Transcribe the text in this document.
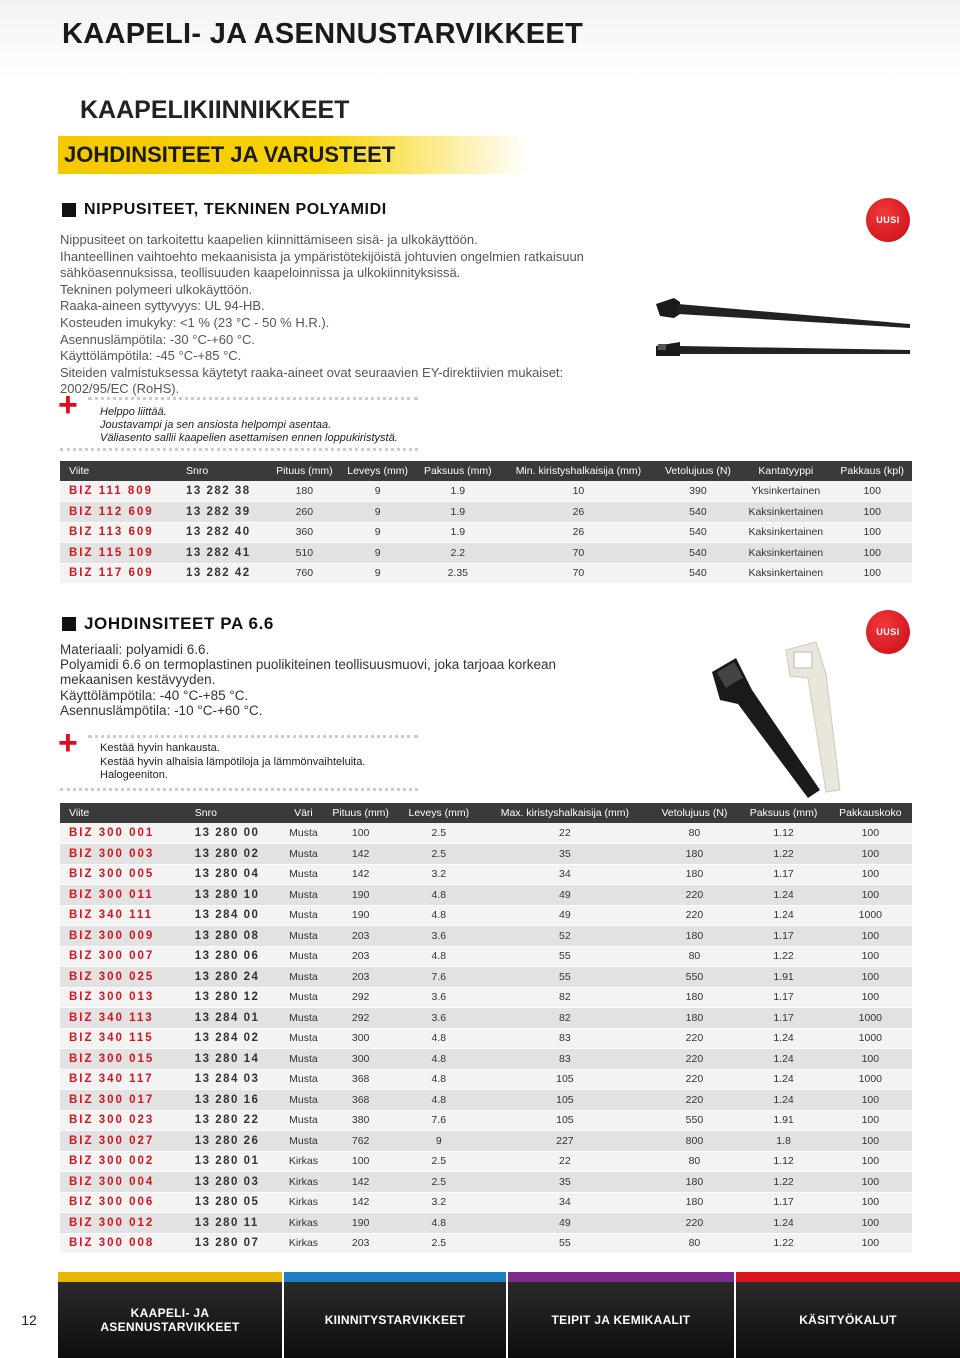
KAAPELI- JA ASENNUSTARVIKKEET
KAAPELIKIINNIKKEET
JOHDINSITEET JA VARUSTEET
NIPPUSITEET, TEKNINEN POLYAMIDI
UUSI
Nippusiteet on tarkoitettu kaapelien kiinnittämiseen sisä- ja ulkokäyttöön.
Ihanteellinen vaihtoehto mekaanisista ja ympäristötekijöistä johtuvien ongelmien ratkaisuun
sähköasennuksissa, teollisuuden kaapeloinnissa ja ulkokiinnityksissä.
Tekninen polymeeri ulkokäyttöön.
Raaka-aineen syttyvyys: UL 94-HB.
Kosteuden imukyky: <1 % (23 °C - 50 % H.R.).
Asennuslämpötila: -30 °C-+60 °C.
Käyttölämpötila: -45 °C-+85 °C.
Siteiden valmistuksessa käytetyt raaka-aineet ovat seuraavien EY-direktiivien mukaiset:
2002/95/EC (RoHS).
+ Helppo liittää.
Joustavampi ja sen ansiosta helpompi asentaa.
Väliasento sallii kaapelien asettamisen ennen loppukiristystä.
Viite	Snro	Pituus (mm)	Leveys (mm)	Paksuus (mm)	Min. kiristyshalkaisija (mm)	Vetolujuus (N)	Kantatyyppi	Pakkaus (kpl)
BIZ 111 809	13 282 38	180	9	1.9	10	390	Yksinkertainen	100
BIZ 112 609	13 282 39	260	9	1.9	26	540	Kaksinkertainen	100
BIZ 113 609	13 282 40	360	9	1.9	26	540	Kaksinkertainen	100
BIZ 115 109	13 282 41	510	9	2.2	70	540	Kaksinkertainen	100
BIZ 117 609	13 282 42	760	9	2.35	70	540	Kaksinkertainen	100
JOHDINSITEET PA 6.6	UUSI
Materiaali: polyamidi 6.6.
Polyamidi 6.6 on termoplastinen puolikiteinen teollisuusmuovi, joka tarjoaa korkean
mekaanisen kestävyyden.
Käyttölämpötila: -40 °C-+85 °C.
Asennuslämpötila: -10 °C-+60 °C.
+ Kestää hyvin hankausta.
Kestää hyvin alhaisia lämpötiloja ja lämmönvaihteluita.
Halogeeniton.
Viite	Snro	Väri	Pituus (mm)	Leveys (mm)	Max. kiristyshalkaisija (mm)	Vetolujuus (N)	Paksuus (mm)	Pakkauskoko
BIZ 300 001	13 280 00	Musta	100	2.5	22	80	1.12	100
BIZ 300 003	13 280 02	Musta	142	2.5	35	180	1.22	100
BIZ 300 005	13 280 04	Musta	142	3.2	34	180	1.17	100
BIZ 300 011	13 280 10	Musta	190	4.8	49	220	1.24	100
BIZ 340 111	13 284 00	Musta	190	4.8	49	220	1.24	1000
BIZ 300 009	13 280 08	Musta	203	3.6	52	180	1.17	100
BIZ 300 007	13 280 06	Musta	203	4.8	55	80	1.22	100
BIZ 300 025	13 280 24	Musta	203	7.6	55	550	1.91	100
BIZ 300 013	13 280 12	Musta	292	3.6	82	180	1.17	100
BIZ 340 113	13 284 01	Musta	292	3.6	82	180	1.17	1000
BIZ 340 115	13 284 02	Musta	300	4.8	83	220	1.24	1000
BIZ 300 015	13 280 14	Musta	300	4.8	83	220	1.24	100
BIZ 340 117	13 284 03	Musta	368	4.8	105	220	1.24	1000
BIZ 300 017	13 280 16	Musta	368	4.8	105	220	1.24	100
BIZ 300 023	13 280 22	Musta	380	7.6	105	550	1.91	100
BIZ 300 027	13 280 26	Musta	762	9	227	800	1.8	100
BIZ 300 002	13 280 01	Kirkas	100	2.5	22	80	1.12	100
BIZ 300 004	13 280 03	Kirkas	142	2.5	35	180	1.22	100
BIZ 300 006	13 280 05	Kirkas	142	3.2	34	180	1.17	100
BIZ 300 012	13 280 11	Kirkas	190	4.8	49	220	1.24	100
BIZ 300 008	13 280 07	Kirkas	203	2.5	55	80	1.22	100
12	KAAPELI- JA ASENNUSTARVIKKEET	KIINNITYSTARVIKKEET	TEIPIT JA KEMIKAALIT	KÄSITYÖKALUT
